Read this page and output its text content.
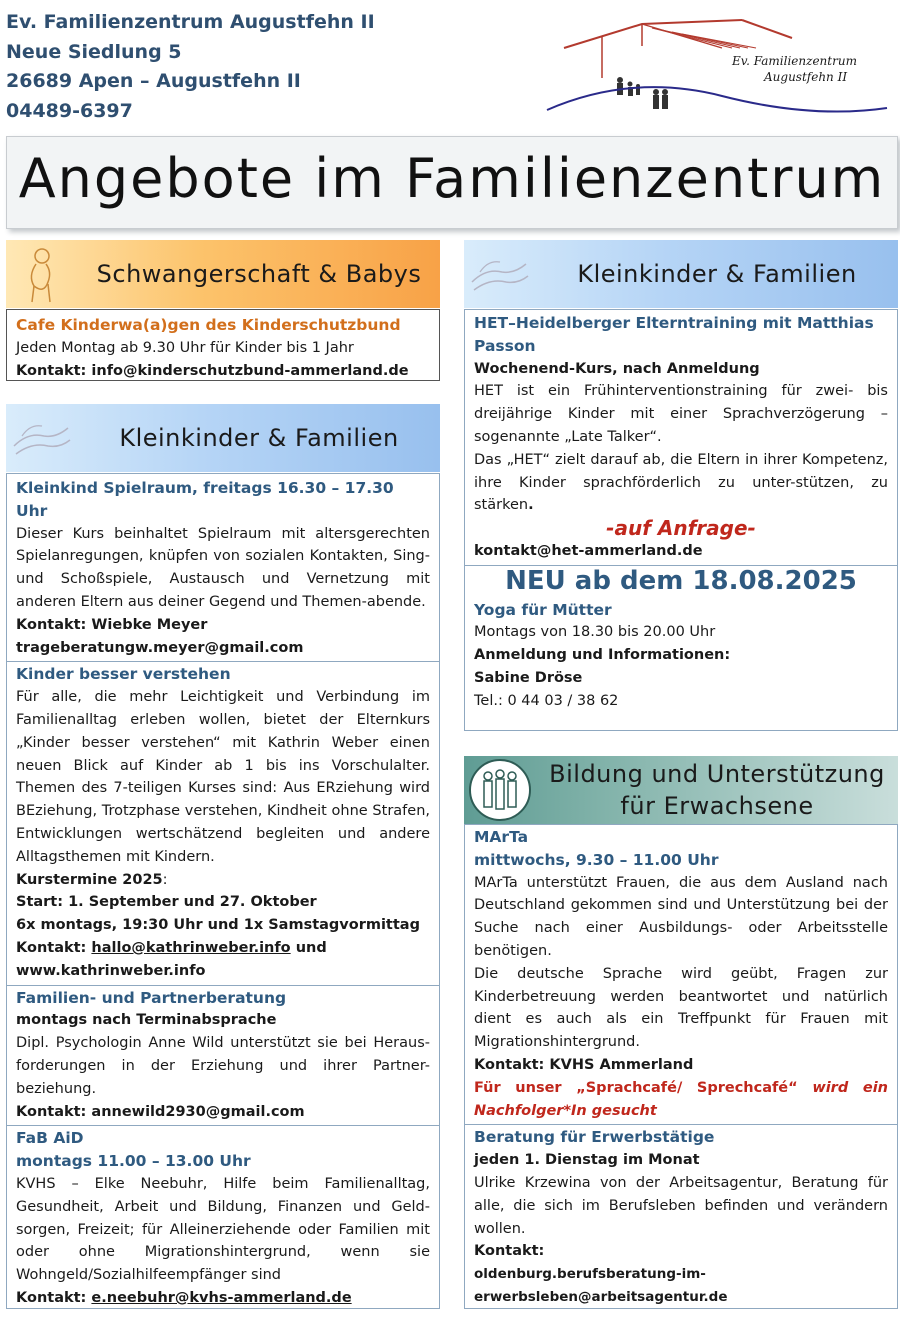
Ev. Familienzentrum Augustfehn II
Neue Siedlung 5
26689 Apen – Augustfehn II
04489-6397
Ev. Familienzentrum
Augustfehn II
Angebote im Familienzentrum
Schwangerschaft & Babys
Cafe Kinderwa(a)gen des Kinderschutzbund
Jeden Montag ab 9.30 Uhr für Kinder bis 1 Jahr
Kontakt: info@kinderschutzbund-ammerland.de
Kleinkinder & Familien
Kleinkind Spielraum, freitags 16.30 – 17.30 Uhr
Dieser Kurs beinhaltet Spielraum mit altersgerechten Spielanregungen, knüpfen von sozialen Kontakten, Sing- und Schoßspiele, Austausch und Vernetzung mit anderen Eltern aus deiner Gegend und Themen-abende.
Kontakt: Wiebke Meyer
trageberatungw.meyer@gmail.com
Kinder besser verstehen
Für alle, die mehr Leichtigkeit und Verbindung im Familienalltag erleben wollen, bietet der Elternkurs „Kinder besser verstehen“ mit Kathrin Weber einen neuen Blick auf Kinder ab 1 bis ins Vorschulalter. Themen des 7-teiligen Kurses sind: Aus ERziehung wird BEziehung, Trotzphase verstehen, Kindheit ohne Strafen, Entwicklungen wertschätzend begleiten und andere Alltagsthemen mit Kindern.
Kurstermine 2025:
Start: 1. September und 27. Oktober
6x montags, 19:30 Uhr und 1x Samstagvormittag
Kontakt: hallo@kathrinweber.info und
www.kathrinweber.info
Familien- und Partnerberatung
montags nach Terminabsprache
Dipl. Psychologin Anne Wild unterstützt sie bei Heraus-forderungen in der Erziehung und ihrer Partner-beziehung.
Kontakt: annewild2930@gmail.com
FaB AiD
montags 11.00 – 13.00 Uhr
KVHS – Elke Neebuhr, Hilfe beim Familienalltag, Gesundheit, Arbeit und Bildung, Finanzen und Geld-sorgen, Freizeit; für Alleinerziehende oder Familien mit oder ohne Migrationshintergrund, wenn sie Wohngeld/Sozialhilfeempfänger sind
Kontakt: e.neebuhr@kvhs-ammerland.de
Kleinkinder & Familien
HET–Heidelberger Elterntraining mit Matthias Passon
Wochenend-Kurs, nach Anmeldung
HET ist ein Frühinterventionstraining für zwei- bis dreijährige Kinder mit einer Sprachverzögerung – sogenannte „Late Talker“.
Das „HET“ zielt darauf ab, die Eltern in ihrer Kompetenz, ihre Kinder sprachförderlich zu unter-stützen, zu stärken.
-auf Anfrage-
kontakt@het-ammerland.de
NEU ab dem 18.08.2025
Yoga für Mütter
Montags von 18.30 bis 20.00 Uhr
Anmeldung und Informationen:
Sabine Dröse
Tel.: 0 44 03 / 38 62
Bildung und Unterstützung
für Erwachsene
MArTa
mittwochs, 9.30 – 11.00 Uhr
MArTa unterstützt Frauen, die aus dem Ausland nach Deutschland gekommen sind und Unterstützung bei der Suche nach einer Ausbildungs- oder Arbeitsstelle benötigen.
Die deutsche Sprache wird geübt, Fragen zur Kinderbetreuung werden beantwortet und natürlich dient es auch als ein Treffpunkt für Frauen mit Migrationshintergrund.
Kontakt: KVHS Ammerland
Für unser „Sprachcafé/ Sprechcafé“ wird ein Nachfolger*In gesucht
Beratung für Erwerbstätige
jeden 1. Dienstag im Monat
Ulrike Krzewina von der Arbeitsagentur, Beratung für alle, die sich im Berufsleben befinden und verändern wollen.
Kontakt:
oldenburg.berufsberatung-im-
erwerbsleben@arbeitsagentur.de
